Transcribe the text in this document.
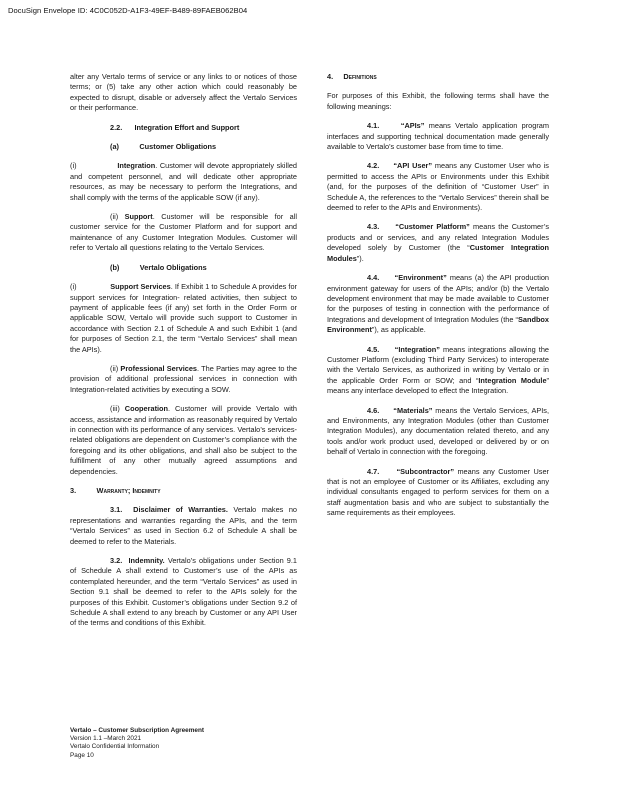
DocuSign Envelope ID: 4C0C052D-A1F3-49EF-B489-89FAEB062B04

alter any Vertalo terms of service or any links to or notices of those terms; or (5) take any other action which could reasonably be expected to disrupt, disable or adversely affect the Vertalo Services or their performance.

2.2.      Integration Effort and Support

(a)          Customer Obligations

(i)                Integration. Customer will devote appropriately skilled and competent personnel, and will dedicate other appropriate resources, as may be necessary to perform the Integrations, and shall comply with the terms of the applicable SOW (if any).

(ii) Support. Customer will be responsible for all customer service for the Customer Platform and for support and maintenance of any Customer Integration Modules. Customer will refer to Vertalo all questions relating to the Vertalo Services.

(b)          Vertalo Obligations

(i)                Support Services. If Exhibit 1 to Schedule A provides for support services for Integration- related activities, then subject to payment of applicable fees (if any) set forth in the Order Form or applicable SOW, Vertalo will provide such support to Customer in accordance with Section 2.1 of Schedule A and such Exhibit 1 (and for purposes of Section 2.1, the term “Vertalo Services” shall mean the APIs).

(ii) Professional Services. The Parties may agree to the provision of additional professional services in connection with Integration-related activities by executing a SOW.

(iii) Cooperation. Customer will provide Vertalo with access, assistance and information as reasonably required by Vertalo in connection with its performance of any services. Vertalo’s services-related obligations are dependent on Customer’s compliance with the foregoing and its other obligations, and shall also be subject to the fulfillment of any other mutually agreed assumptions and dependencies.

3.          Warranty; Indemnity

3.1.  Disclaimer of Warranties. Vertalo makes no representations and warranties regarding the APIs, and the term “Vertalo Services” as used in Section 6.2 of Schedule A shall be deemed to refer to the Materials.

3.2.  Indemnity. Vertalo’s obligations under Section 9.1 of Schedule A shall extend to Customer’s use of the APIs as contemplated hereunder, and the term “Vertalo Services” as used in Section 9.1 shall be deemed to refer to the APIs solely for the purposes of this Exhibit. Customer’s obligations under Section 9.2 of Schedule A shall extend to any breach by Customer or any API User of the terms and conditions of this Exhibit.

4.     Definitions

For purposes of this Exhibit, the following terms shall have the following meanings:

4.1.     “APIs” means Vertalo application program interfaces and supporting technical documentation made generally available to Vertalo’s customer base from time to time.

4.2.     “API User” means any Customer User who is permitted to access the APIs or Environments under this Exhibit (and, for the purposes of the definition of “Customer User” in Schedule A, the references to the “Vertalo Services” therein shall be deemed to refer to the APIs and Environments).

4.3.     “Customer Platform” means the Customer’s products and or services, and any related Integration Modules developed solely by Customer (the “Customer Integration Modules”).

4.4.     “Environment” means (a) the API production environment gateway for users of the APIs; and/or (b) the Vertalo development environment that may be made available to Customer for the purposes of testing in connection with the performance of Integrations and development of Integration Modules (the “Sandbox Environment”), as applicable.

4.5.     “Integration” means integrations allowing the Customer Platform (excluding Third Party Services) to interoperate with the Vertalo Services, as authorized in writing by Vertalo or in the applicable Order Form or SOW; and “Integration Module” means any interface developed to effect the Integration.

4.6.     “Materials” means the Vertalo Services, APIs, and Environments, any Integration Modules (other than Customer Integration Modules), any documentation related thereto, and any tools and/or work product used, developed or delivered by or on behalf of Vertalo in connection with the foregoing.

4.7.     “Subcontractor” means any Customer User that is not an employee of Customer or its Affiliates, excluding any individual consultants engaged to perform services for them on a staff augmentation basis and who are subject to substantially the same requirements as their employees.

Vertalo – Customer Subscription Agreement
Version 1.1 –March 2021
Vertalo Confidential Information
Page 10
